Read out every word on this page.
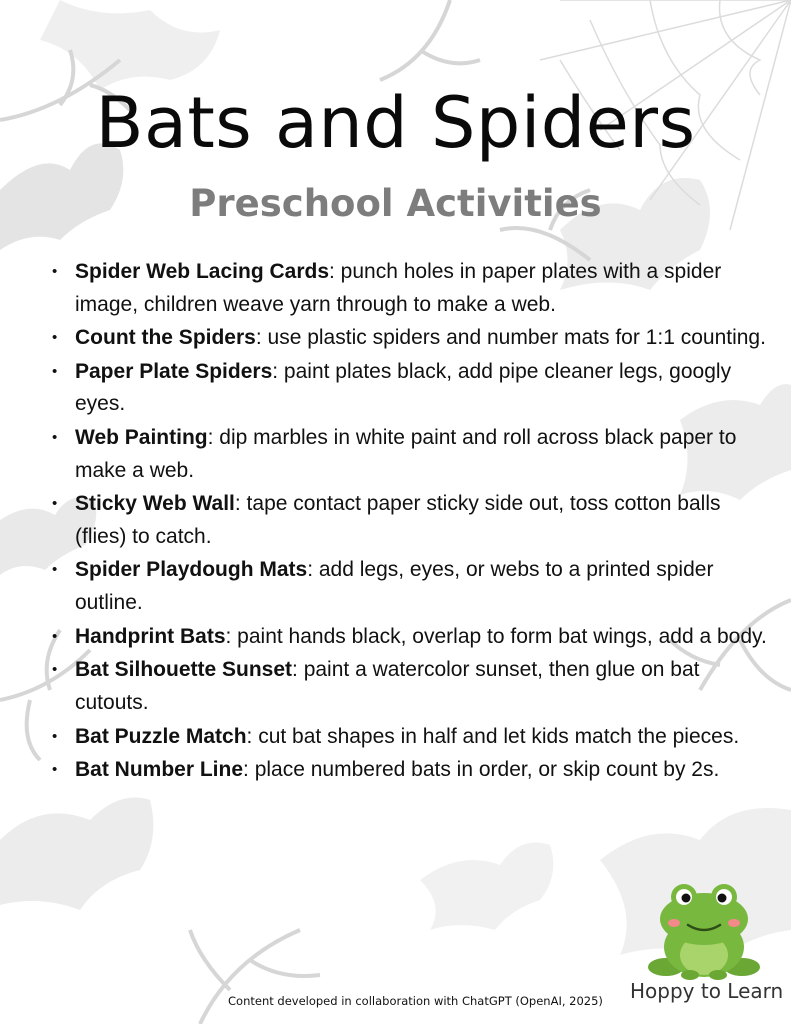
Bats and Spiders
Preschool Activities
• Spider Web Lacing Cards: punch holes in paper plates with a spider image, children weave yarn through to make a web.
• Count the Spiders: use plastic spiders and number mats for 1:1 counting.
• Paper Plate Spiders: paint plates black, add pipe cleaner legs, googly eyes.
• Web Painting: dip marbles in white paint and roll across black paper to make a web.
• Sticky Web Wall: tape contact paper sticky side out, toss cotton balls (flies) to catch.
• Spider Playdough Mats: add legs, eyes, or webs to a printed spider outline.
• Handprint Bats: paint hands black, overlap to form bat wings, add a body.
• Bat Silhouette Sunset: paint a watercolor sunset, then glue on bat cutouts.
• Bat Puzzle Match: cut bat shapes in half and let kids match the pieces.
• Bat Number Line: place numbered bats in order, or skip count by 2s.
Content developed in collaboration with ChatGPT (OpenAI, 2025) Hoppy to Learn
